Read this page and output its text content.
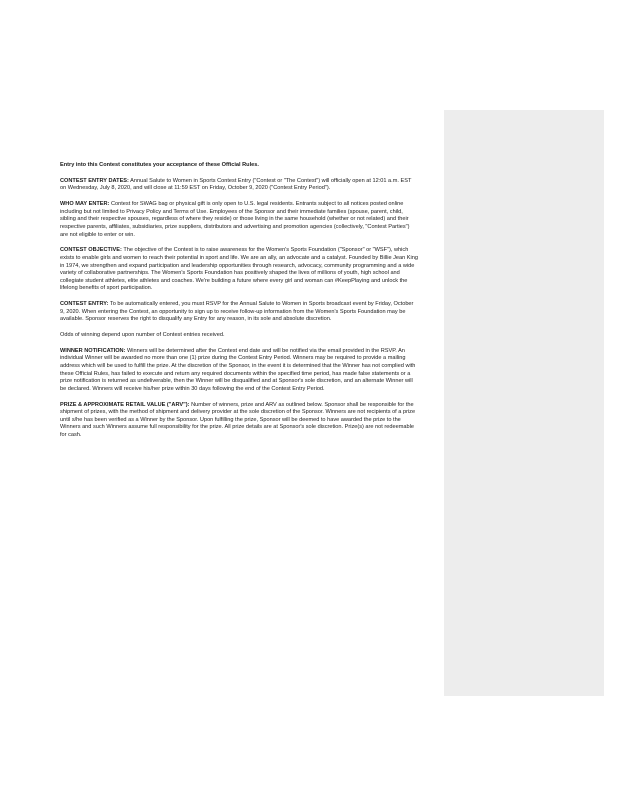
Entry into this Contest constitutes your acceptance of these Official Rules.

CONTEST ENTRY DATES: Annual Salute to Women in Sports Contest Entry ("Contest or "The Contest") will officially open at 12:01 a.m. EST on Wednesday, July 8, 2020, and will close at 11:59 EST on Friday, October 9, 2020 ("Contest Entry Period").

WHO MAY ENTER: Contest for SWAG bag or physical gift is only open to U.S. legal residents. Entrants subject to all notices posted online including but not limited to Privacy Policy and Terms of Use. Employees of the Sponsor and their immediate families (spouse, parent, child, sibling and their respective spouses, regardless of where they reside) or those living in the same household (whether or not related) and their respective parents, affiliates, subsidiaries, prize suppliers, distributors and advertising and promotion agencies (collectively, "Contest Parties") are not eligible to enter or win.

CONTEST OBJECTIVE: The objective of the Contest is to raise awareness for the Women's Sports Foundation ("Sponsor" or "WSF"), which exists to enable girls and women to reach their potential in sport and life. We are an ally, an advocate and a catalyst. Founded by Billie Jean King in 1974, we strengthen and expand participation and leadership opportunities through research, advocacy, community programming and a wide variety of collaborative partnerships. The Women's Sports Foundation has positively shaped the lives of millions of youth, high school and collegiate student athletes, elite athletes and coaches. We're building a future where every girl and woman can #KeepPlaying and unlock the lifelong benefits of sport participation.

CONTEST ENTRY: To be automatically entered, you must RSVP for the Annual Salute to Women in Sports broadcast event by Friday, October 9, 2020. When entering the Contest, an opportunity to sign up to receive follow-up information from the Women's Sports Foundation may be available. Sponsor reserves the right to disqualify any Entry for any reason, in its sole and absolute discretion.

Odds of winning depend upon number of Contest entries received.

WINNER NOTIFICATION: Winners will be determined after the Contest end date and will be notified via the email provided in the RSVP. An individual Winner will be awarded no more than one (1) prize during the Contest Entry Period. Winners may be required to provide a mailing address which will be used to fulfill the prize. At the discretion of the Sponsor, in the event it is determined that the Winner has not complied with these Official Rules, has failed to execute and return any required documents within the specified time period, has made false statements or a prize notification is returned as undeliverable, then the Winner will be disqualified and at Sponsor's sole discretion, and an alternate Winner will be declared. Winners will receive his/her prize within 30 days following the end of the Contest Entry Period.

PRIZE & APPROXIMATE RETAIL VALUE ("ARV"): Number of winners, prize and ARV as outlined below. Sponsor shall be responsible for the shipment of prizes, with the method of shipment and delivery provider at the sole discretion of the Sponsor. Winners are not recipients of a prize until s/he has been verified as a Winner by the Sponsor. Upon fulfilling the prize, Sponsor will be deemed to have awarded the prize to the Winners and such Winners assume full responsibility for the prize. All prize details are at Sponsor's sole discretion. Prize(s) are not redeemable for cash.
